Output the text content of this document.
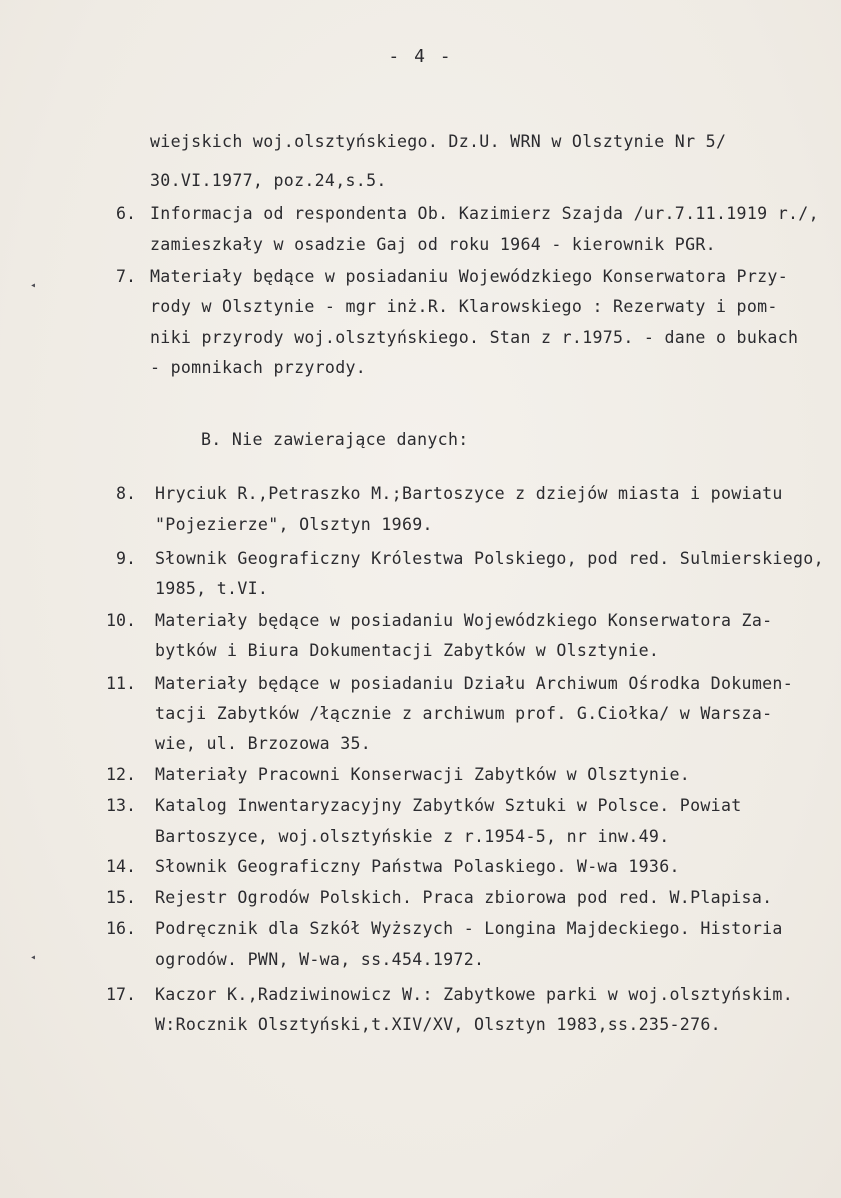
- 4 -
wiejskich woj.olsztyńskiego. Dz.U. WRN w Olsztynie Nr 5/
30.VI.1977, poz.24,s.5.
6. Informacja od respondenta Ob. Kazimierz Szajda /ur.7.11.1919 r./,
zamieszkały w osadzie Gaj od roku 1964 - kierownik PGR.
7. Materiały będące w posiadaniu Wojewódzkiego Konserwatora Przy-
rody w Olsztynie - mgr inż.R. Klarowskiego : Rezerwaty i pom-
niki przyrody woj.olsztyńskiego. Stan z r.1975. - dane o bukach
- pomnikach przyrody.
B. Nie zawierające danych:
8. Hryciuk R.,Petraszko M.;Bartoszyce z dziejów miasta i powiatu
"Pojezierze", Olsztyn 1969.
9. Słownik Geograficzny Królestwa Polskiego, pod red. Sulmierskiego,
1985, t.VI.
10. Materiały będące w posiadaniu Wojewódzkiego Konserwatora Za-
bytków i Biura Dokumentacji Zabytków w Olsztynie.
11. Materiały będące w posiadaniu Działu Archiwum Ośrodka Dokumen-
tacji Zabytków /łącznie z archiwum prof. G.Ciołka/ w Warsza-
wie, ul. Brzozowa 35.
12. Materiały Pracowni Konserwacji Zabytków w Olsztynie.
13. Katalog Inwentaryzacyjny Zabytków Sztuki w Polsce. Powiat
Bartoszyce, woj.olsztyńskie z r.1954-5, nr inw.49.
14. Słownik Geograficzny Państwa Polaskiego. W-wa 1936.
15. Rejestr Ogrodów Polskich. Praca zbiorowa pod red. W.Plapisa.
16. Podręcznik dla Szkół Wyższych - Longina Majdeckiego. Historia
ogrodów. PWN, W-wa, ss.454.1972.
17. Kaczor K.,Radziwinowicz W.: Zabytkowe parki w woj.olsztyńskim.
W:Rocznik Olsztyński,t.XIV/XV, Olsztyn 1983,ss.235-276.
◂
◂
